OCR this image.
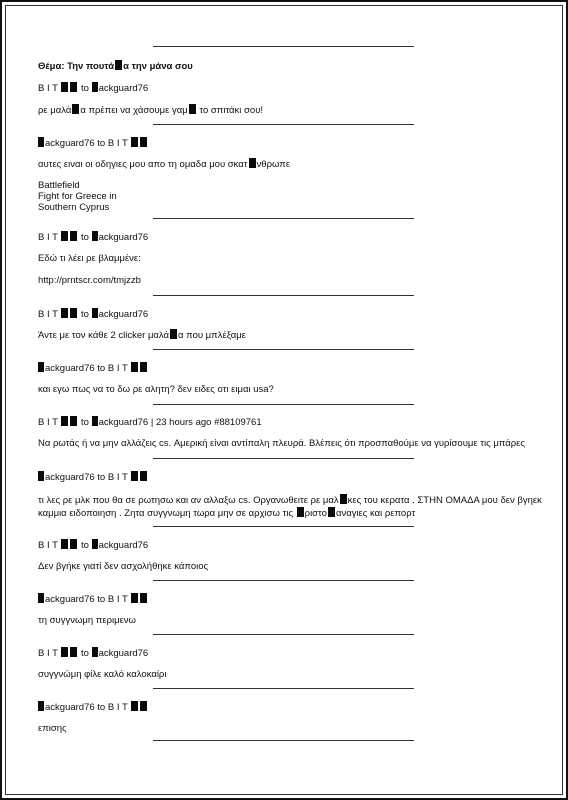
Θέμα: Την πουτά α την μάνα σου
B I T  to ackguard76
ρε μαλά α πρέπει να χάσουμε γαμ το σπιτάκι σου!
ackguard76 to B I T
αυτες ειναι οι οδηγιες μου απο τη ομαδα μου σκατ νθρωπε
Battlefield
Fight for Greece in
Southern Cyprus
B I T  to ackguard76
Εδώ τι λέει ρε βλαμμένε:
http://prntscr.com/tmjzzb
B I T  to ackguard76
Άντε με τον κάθε 2 clicker μαλά α που μπλέξαμε
ackguard76 to B I T
και εγω πως να το δω ρε αλητη? δεν ειδες οτι ειμαι usa?
B I T  to ackguard76 | 23 hours ago #88109761
Να ρωτάς ή να μην αλλάζεις cs. Αμερική είναι αντίπαλη πλευρά. Βλέπεις ότι προσπαθούμε να γυρίσουμε τις μπάρες
ackguard76 to B I T
τι λες ρε μλκ που θα σε ρωτησω και αν αλλαξω cs. Οργανωθειτε ρε μαλ κες του κερατα . ΣΤΗΝ ΟΜΑΔΑ μου δεν βγηεκ
καμμια ειδοποιηση . Ζητα συγγνωμη τωρα μην σε αρχισω τις ριστο αναγιες και ρεπορτ
B I T  to ackguard76
Δεν βγήκε γιατί δεν ασχολήθηκε κάποιος
ackguard76 to B I T
τη συγγνωμη περιμενω
B I T  to ackguard76
συγγνώμη φίλε καλό καλοκαίρι
ackguard76 to B I T
επισης
